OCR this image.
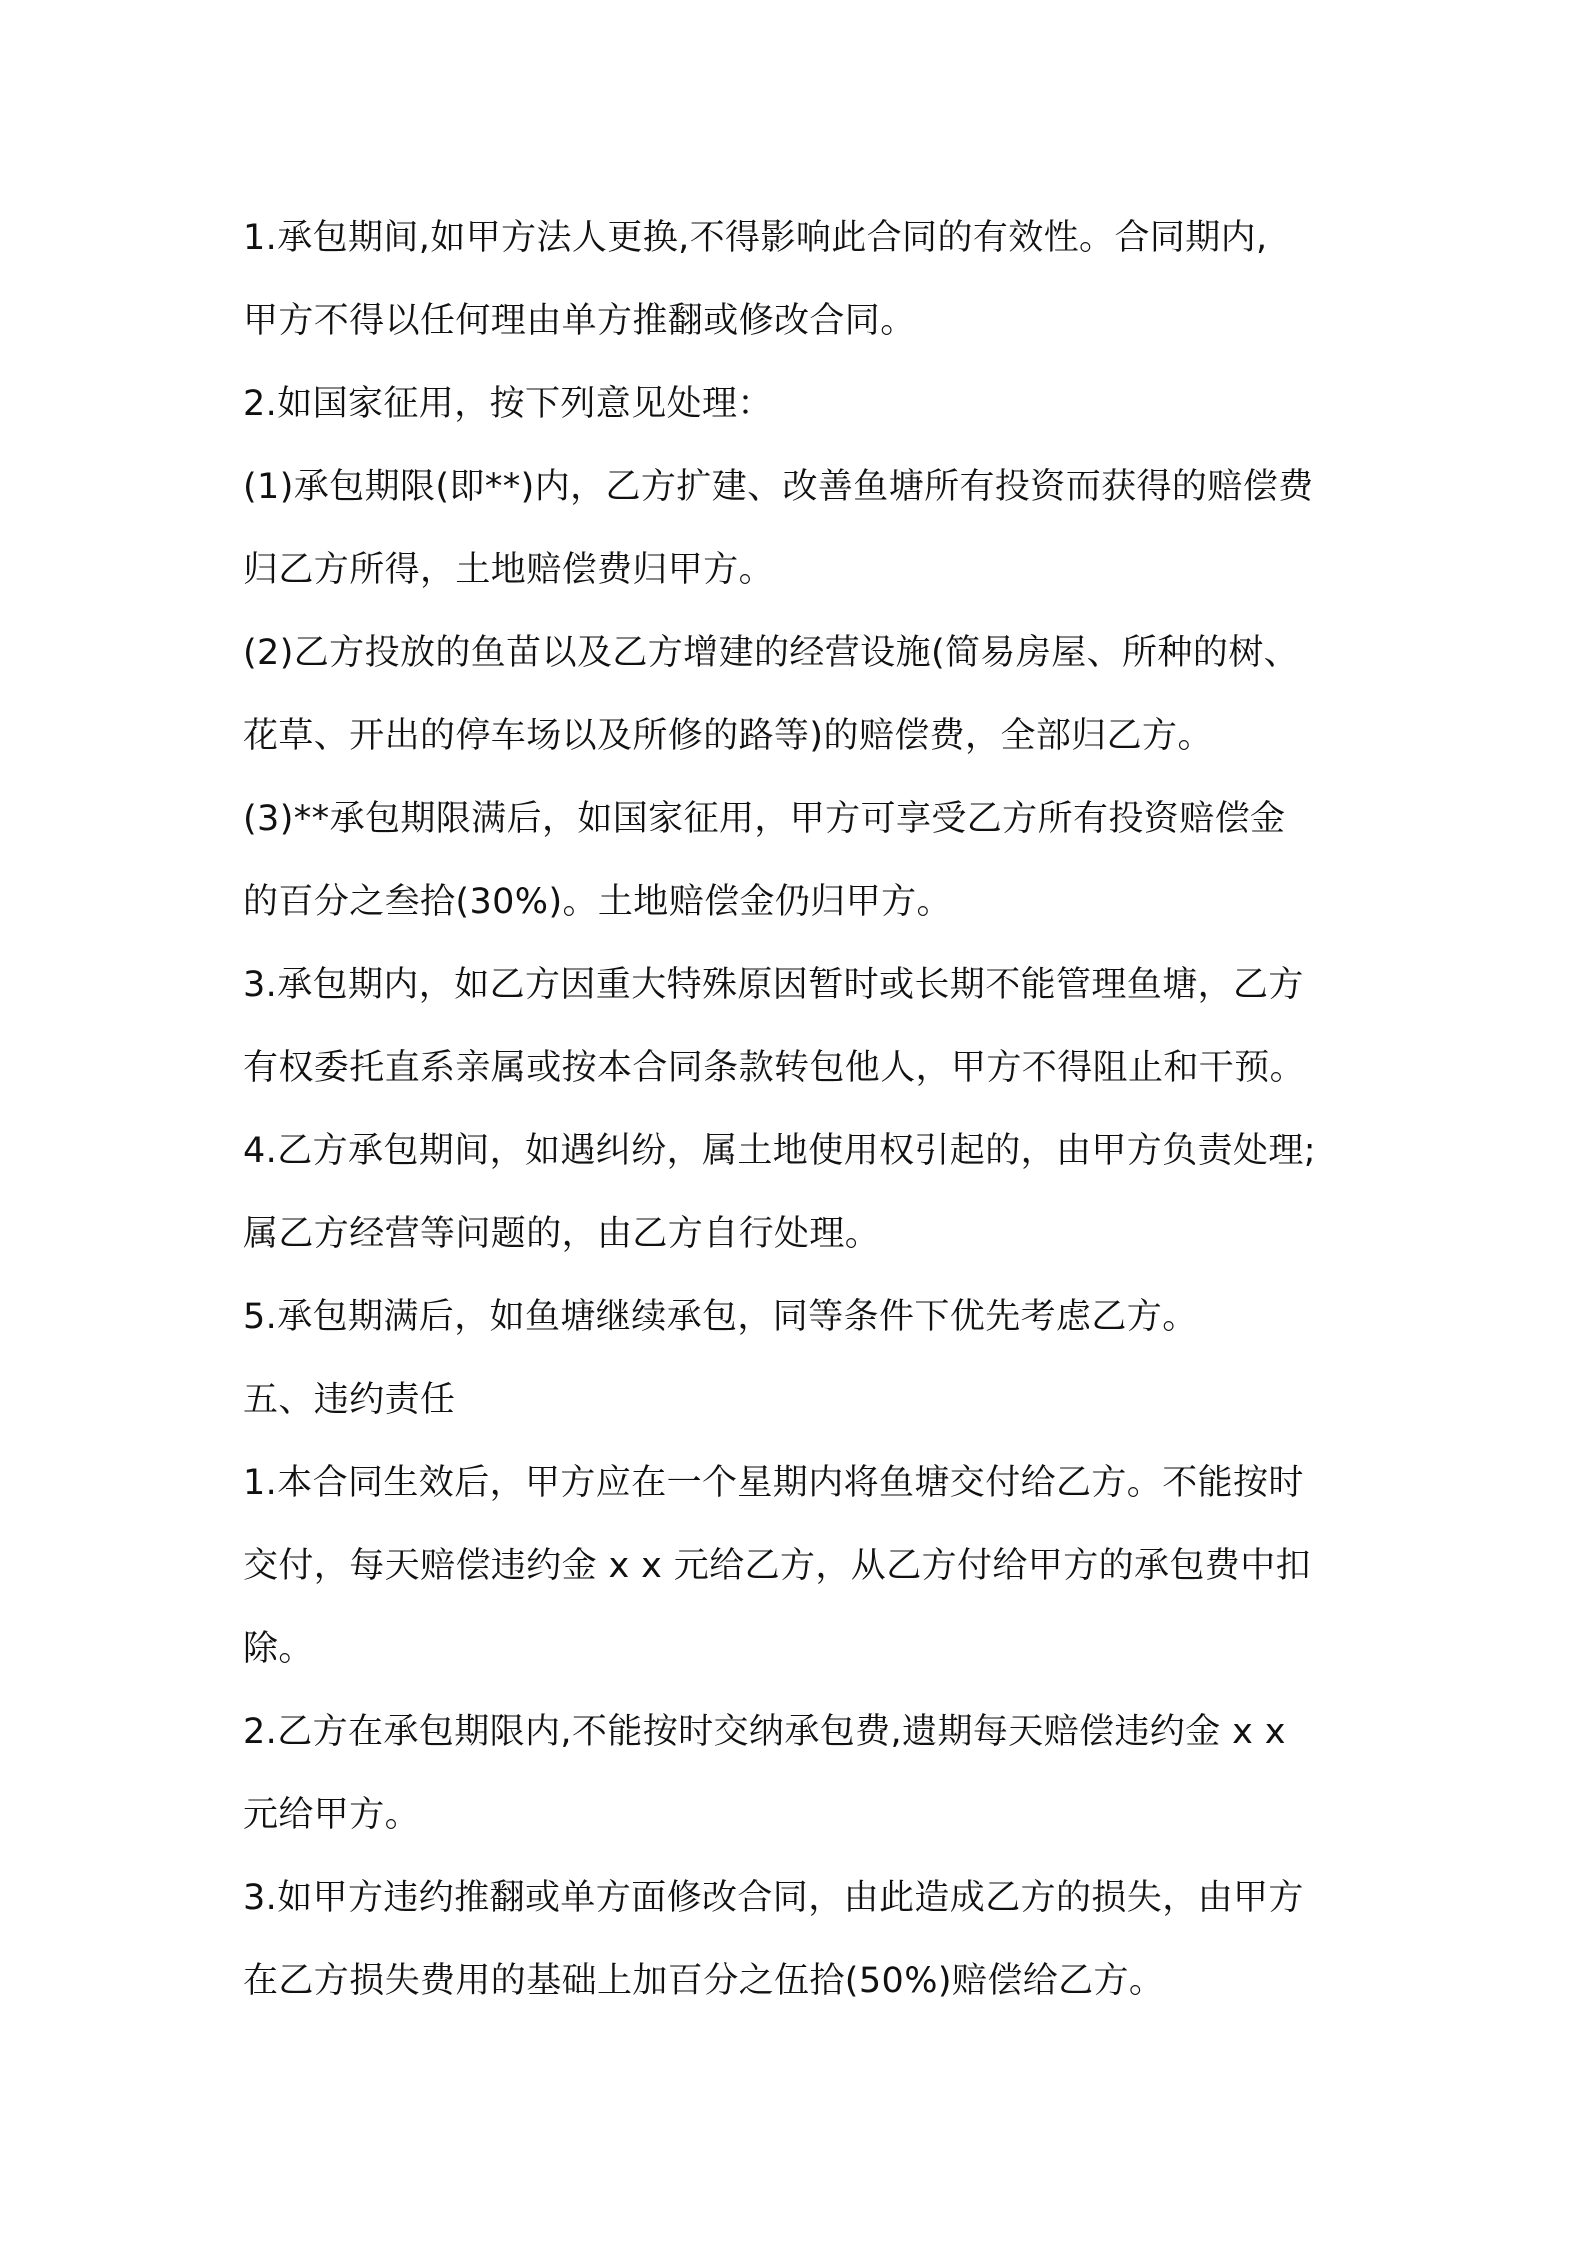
1.承包期间,如甲方法人更换,不得影响此合同的有效性。合同期内,
甲方不得以任何理由单方推翻或修改合同。
2.如国家征用，按下列意见处理：
(1)承包期限(即**)内，乙方扩建、改善鱼塘所有投资而获得的赔偿费
归乙方所得，土地赔偿费归甲方。
(2)乙方投放的鱼苗以及乙方增建的经营设施(简易房屋、所种的树、
花草、开出的停车场以及所修的路等)的赔偿费，全部归乙方。
(3)**承包期限满后，如国家征用，甲方可享受乙方所有投资赔偿金
的百分之叁拾(30%)。土地赔偿金仍归甲方。
3.承包期内，如乙方因重大特殊原因暂时或长期不能管理鱼塘，乙方
有权委托直系亲属或按本合同条款转包他人，甲方不得阻止和干预。
4.乙方承包期间，如遇纠纷，属土地使用权引起的，由甲方负责处理;
属乙方经营等问题的，由乙方自行处理。
5.承包期满后，如鱼塘继续承包，同等条件下优先考虑乙方。
五、违约责任
1.本合同生效后，甲方应在一个星期内将鱼塘交付给乙方。不能按时
交付，每天赔偿违约金 x x 元给乙方，从乙方付给甲方的承包费中扣
除。
2.乙方在承包期限内,不能按时交纳承包费,遗期每天赔偿违约金 x x
元给甲方。
3.如甲方违约推翻或单方面修改合同，由此造成乙方的损失，由甲方
在乙方损失费用的基础上加百分之伍拾(50%)赔偿给乙方。
